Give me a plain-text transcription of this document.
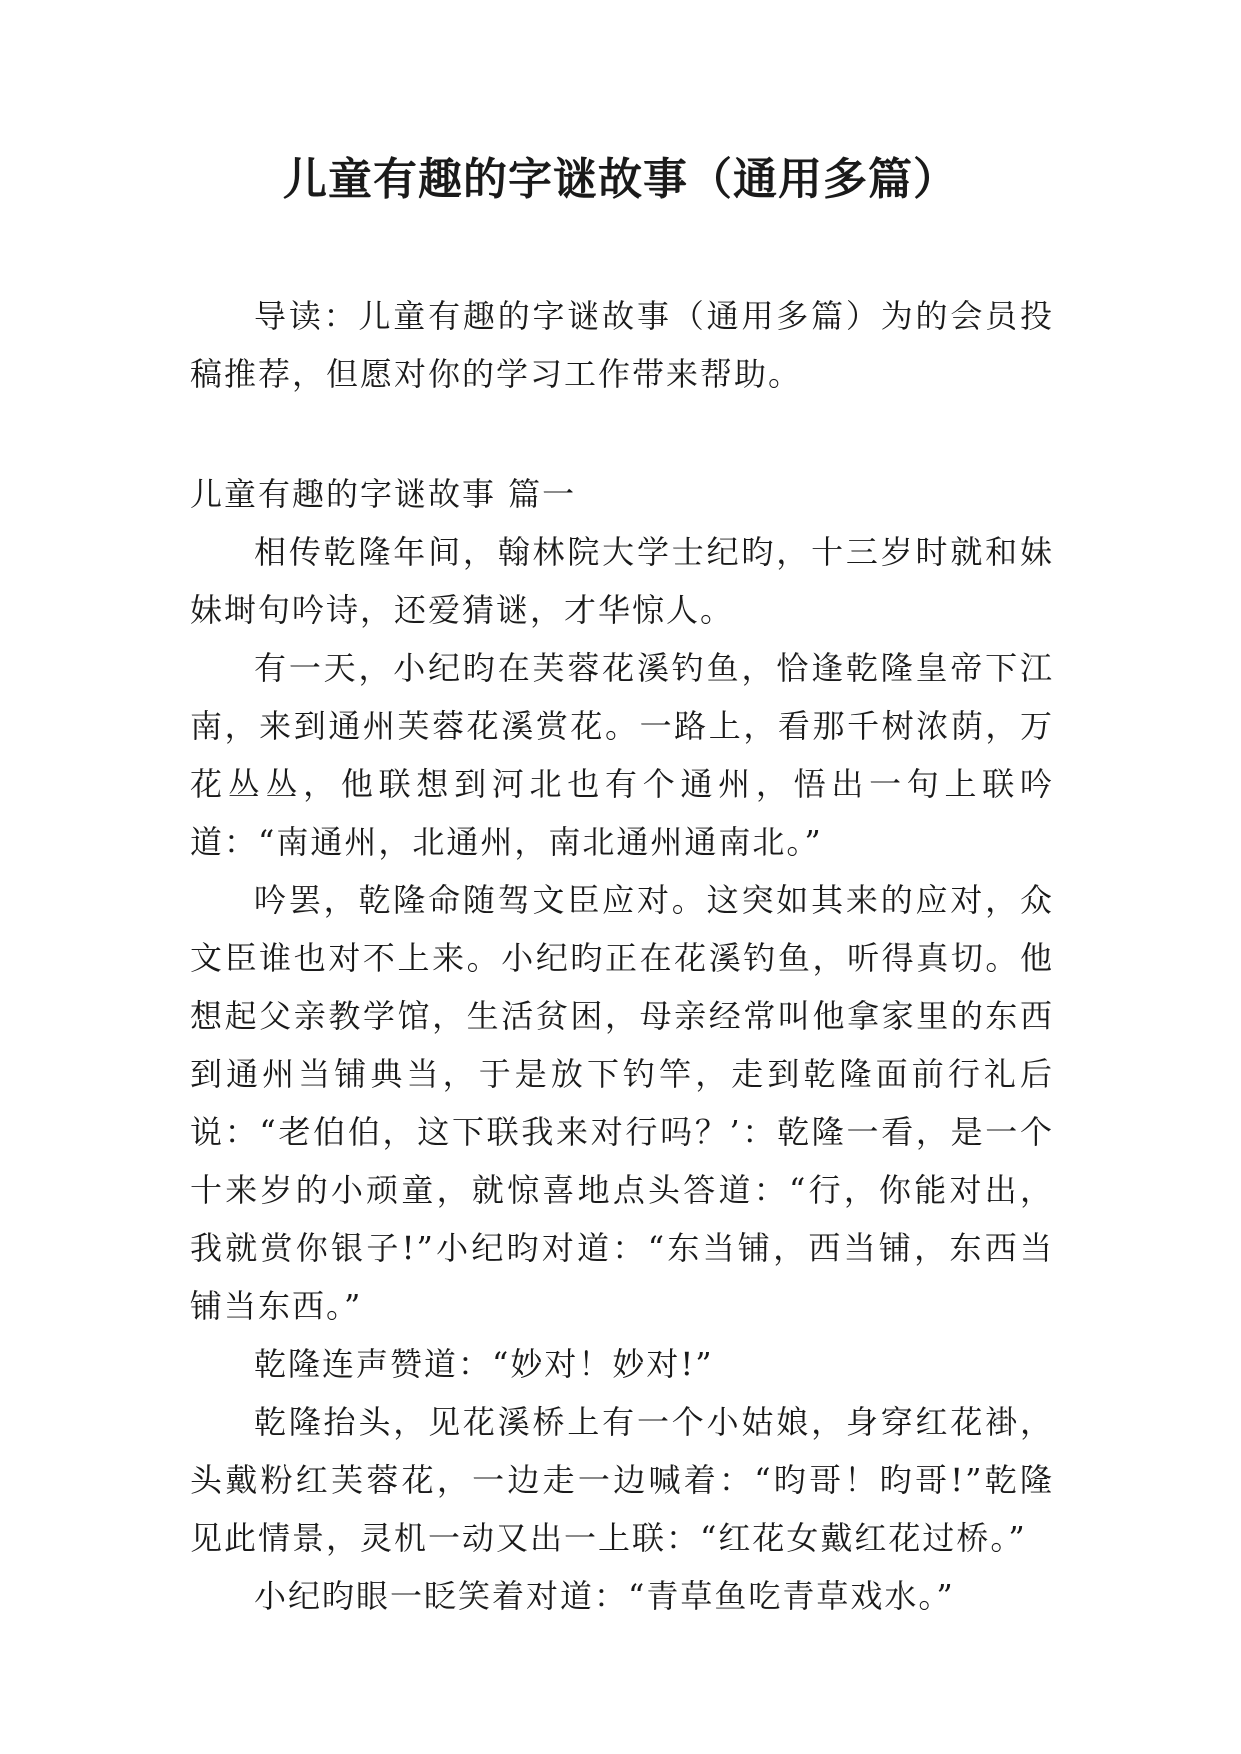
儿童有趣的字谜故事（通用多篇）

导读：儿童有趣的字谜故事（通用多篇）为的会员投稿推荐，但愿对你的学习工作带来帮助。

儿童有趣的字谜故事 篇一

相传乾隆年间，翰林院大学士纪昀，十三岁时就和妹妹埘句吟诗，还爱猜谜，才华惊人。

有一天，小纪昀在芙蓉花溪钓鱼，恰逢乾隆皇帝下江南，来到通州芙蓉花溪赏花。一路上，看那千树浓荫，万花丛丛，他联想到河北也有个通州，悟出一句上联吟道：“南通州，北通州，南北通州通南北。”

吟罢，乾隆命随驾文臣应对。这突如其来的应对，众文臣谁也对不上来。小纪昀正在花溪钓鱼，听得真切。他想起父亲教学馆，生活贫困，母亲经常叫他拿家里的东西到通州当铺典当，于是放下钓竿，走到乾隆面前行礼后说：“老伯伯，这下联我来对行吗？’：乾隆一看，是一个十来岁的小顽童，就惊喜地点头答道：“行，你能对出，我就赏你银子!”小纪昀对道：“东当铺，西当铺，东西当铺当东西。”

乾隆连声赞道：“妙对！妙对!”

乾隆抬头，见花溪桥上有一个小姑娘，身穿红花褂，头戴粉红芙蓉花，一边走一边喊着：“昀哥！昀哥!”乾隆见此情景，灵机一动又出一上联：“红花女戴红花过桥。”

小纪昀眼一眨笑着对道：“青草鱼吃青草戏水。”
